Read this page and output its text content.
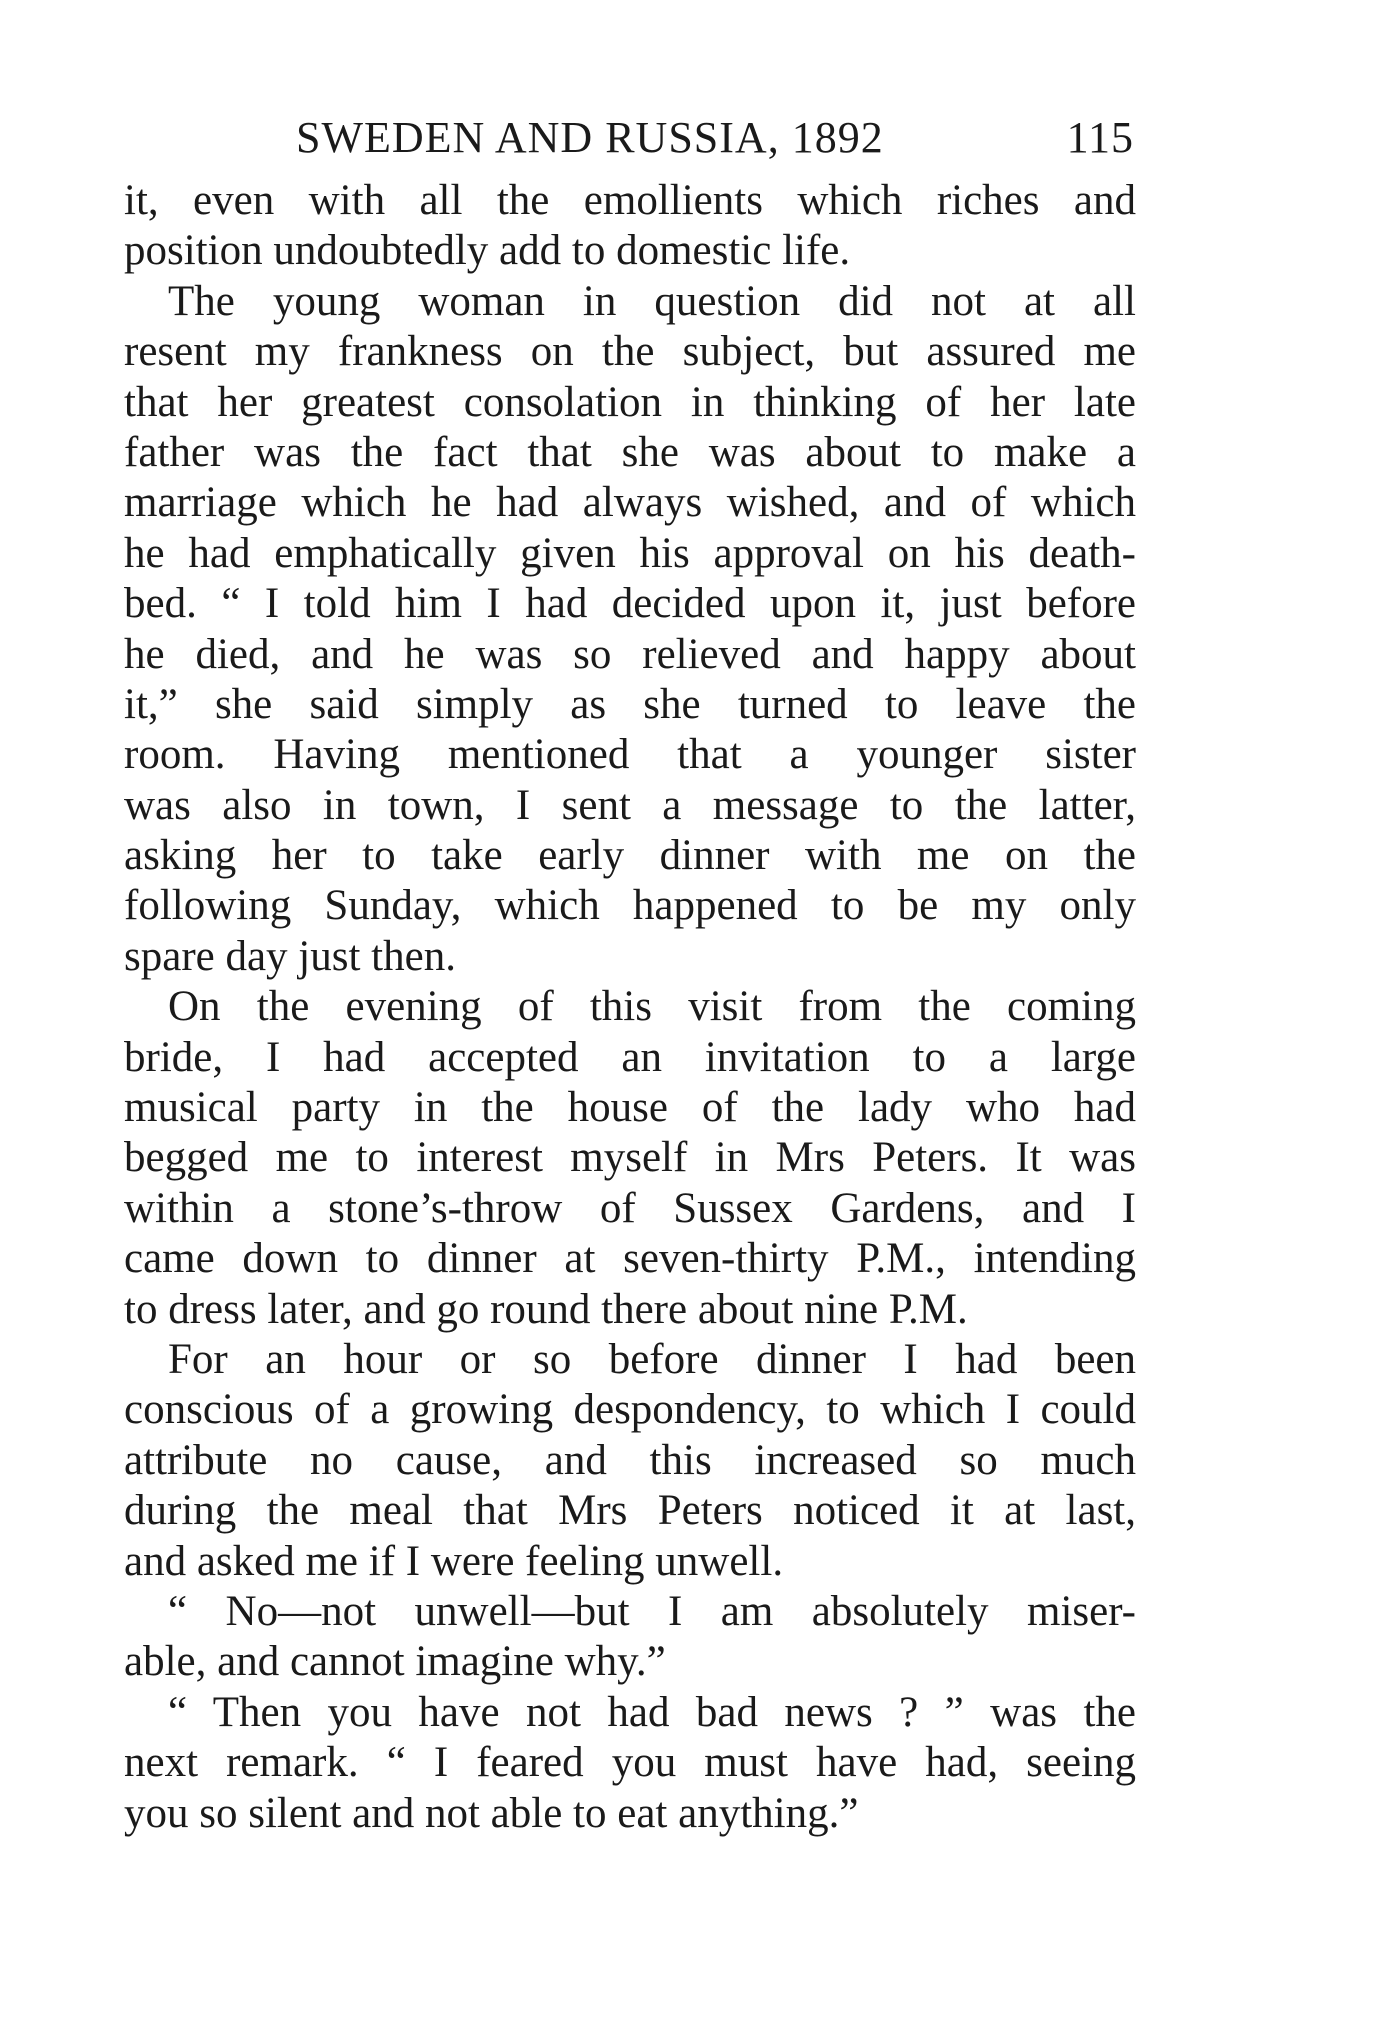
SWEDEN AND RUSSIA, 1892	115
it, even with all the emollients which riches and
position undoubtedly add to domestic life.
The young woman in question did not at all
resent my frankness on the subject, but assured me
that her greatest consolation in thinking of her late
father was the fact that she was about to make a
marriage which he had always wished, and of which
he had emphatically given his approval on his death-
bed. “ I told him I had decided upon it, just before
he died, and he was so relieved and happy about
it,” she said simply as she turned to leave the
room. Having mentioned that a younger sister
was also in town, I sent a message to the latter,
asking her to take early dinner with me on the
following Sunday, which happened to be my only
spare day just then.
On the evening of this visit from the coming
bride, I had accepted an invitation to a large
musical party in the house of the lady who had
begged me to interest myself in Mrs Peters. It was
within a stone’s-throw of Sussex Gardens, and I
came down to dinner at seven-thirty P.M., intending
to dress later, and go round there about nine P.M.
For an hour or so before dinner I had been
conscious of a growing despondency, to which I could
attribute no cause, and this increased so much
during the meal that Mrs Peters noticed it at last,
and asked me if I were feeling unwell.
“ No—not unwell—but I am absolutely miser-
able, and cannot imagine why.”
“ Then you have not had bad news ? ” was the
next remark. “ I feared you must have had, seeing
you so silent and not able to eat anything.”
